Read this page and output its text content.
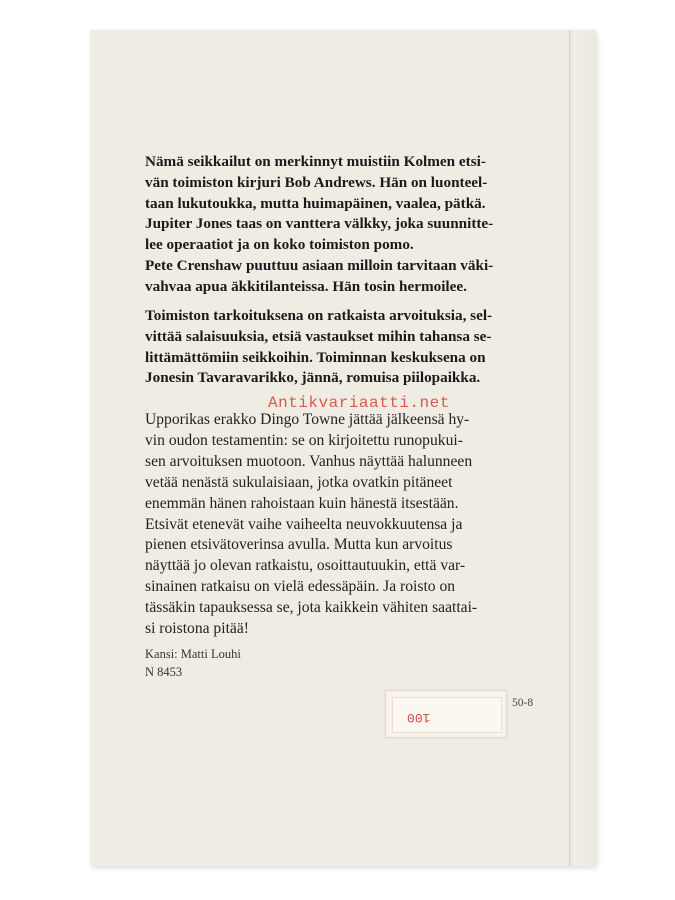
Nämä seikkailut on merkinnyt muistiin Kolmen etsi-
vän toimiston kirjuri Bob Andrews. Hän on luonteel-
taan lukutoukka, mutta huimapäinen, vaalea, pätkä.
Jupiter Jones taas on vanttera välkky, joka suunnitte-
lee operaatiot ja on koko toimiston pomo.
Pete Crenshaw puuttuu asiaan milloin tarvitaan väki-
vahvaa apua äkkitilanteissa. Hän tosin hermoilee.

Toimiston tarkoituksena on ratkaista arvoituksia, sel-
vittää salaisuuksia, etsiä vastaukset mihin tahansa se-
littämättömiin seikkoihin. Toiminnan keskuksena on
Jonesin Tavaravarikko, jännä, romuisa piilopaikka.

Antikvariaatti.net

Upporikas erakko Dingo Towne jättää jälkeensä hy-
vin oudon testamentin: se on kirjoitettu runopukui-
sen arvoituksen muotoon. Vanhus näyttää halunneen
vetää nenästä sukulaisiaan, jotka ovatkin pitäneet
enemmän hänen rahoistaan kuin hänestä itsestään.
Etsivät etenevät vaihe vaiheelta neuvokkuutensa ja
pienen etsivätoverinsa avulla. Mutta kun arvoitus
näyttää jo olevan ratkaistu, osoittautuukin, että var-
sinainen ratkaisu on vielä edessäpäin. Ja roisto on
tässäkin tapauksessa se, jota kaikkein vähiten saattai-
si roistona pitää!

Kansi: Matti Louhi
N 8453
100
50-8
